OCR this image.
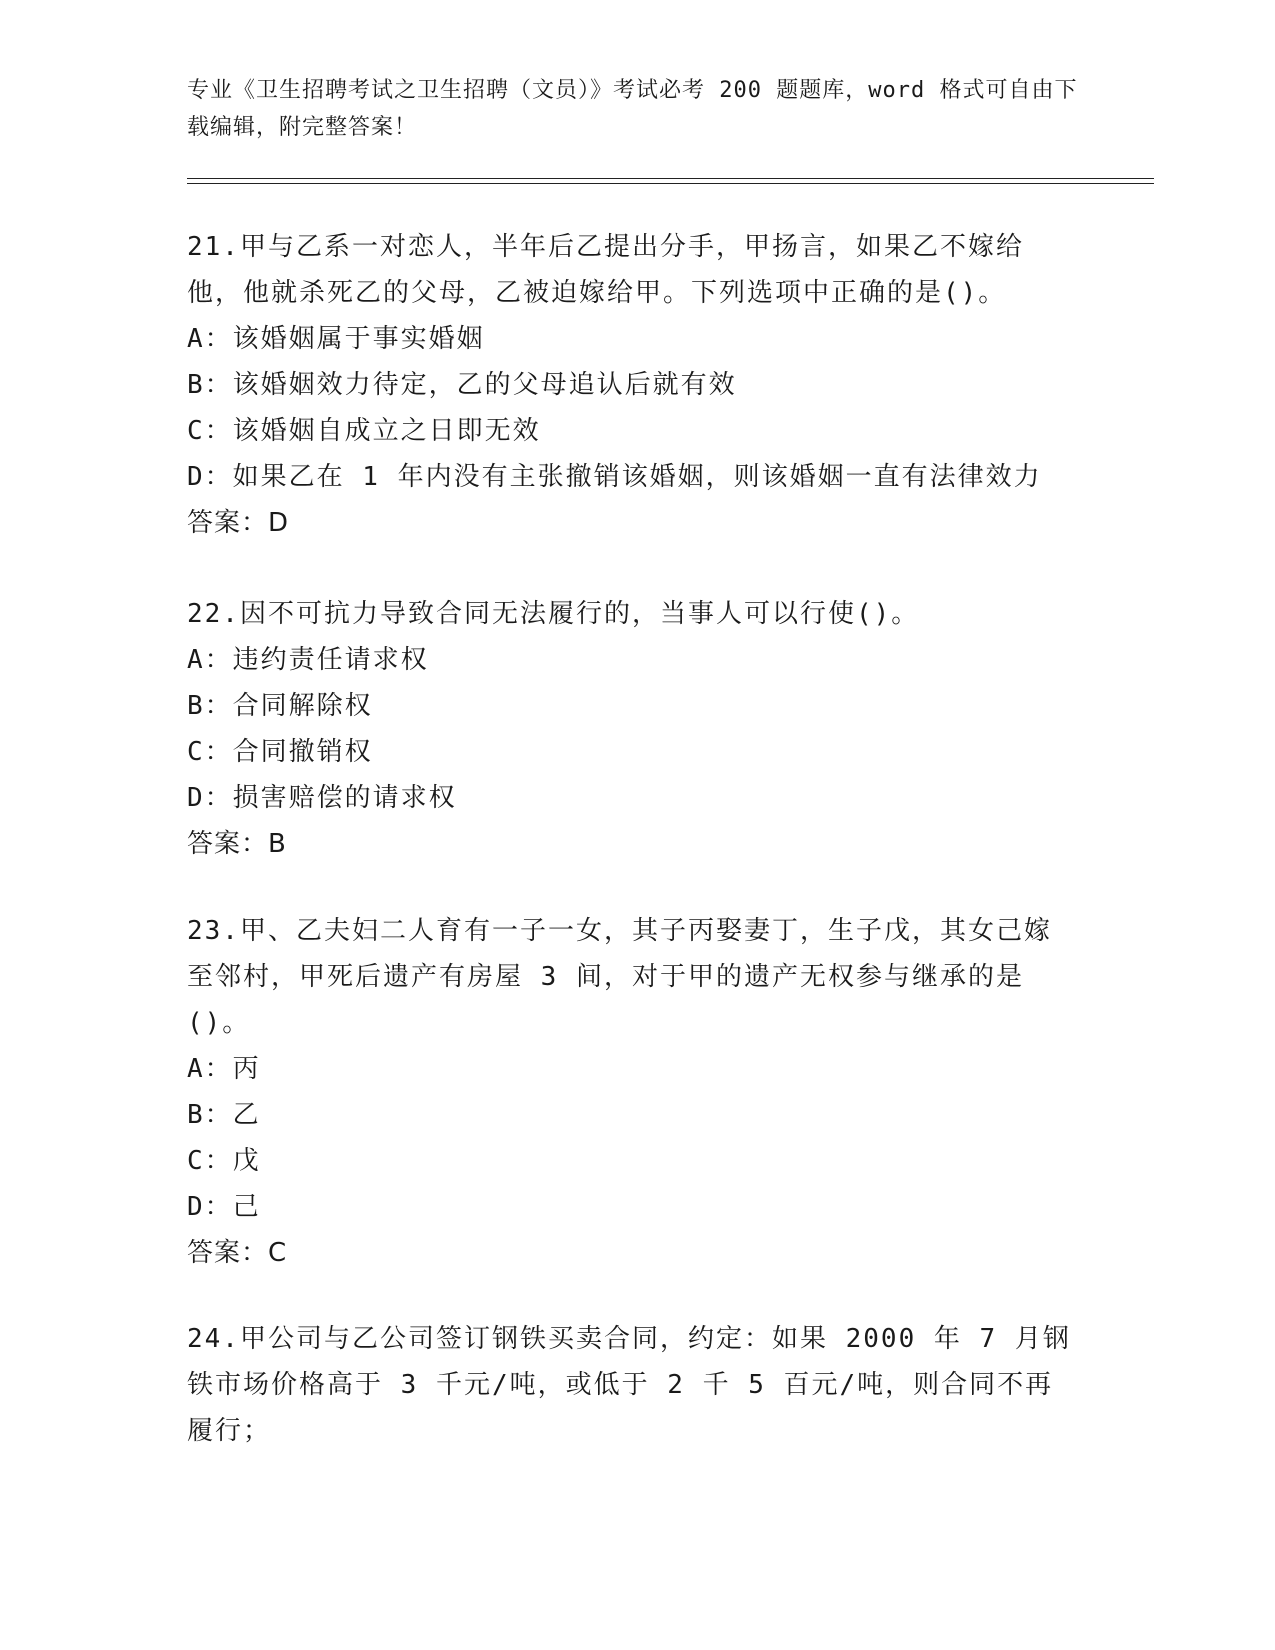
专业《卫生招聘考试之卫生招聘（文员）》考试必考 200 题题库，word 格式可自由下载编辑，附完整答案！
21.甲与乙系一对恋人，半年后乙提出分手，甲扬言，如果乙不嫁给他，他就杀死乙的父母，乙被迫嫁给甲。下列选项中正确的是()。
A：该婚姻属于事实婚姻
B：该婚姻效力待定，乙的父母追认后就有效
C：该婚姻自成立之日即无效
D：如果乙在 1 年内没有主张撤销该婚姻，则该婚姻一直有法律效力
答案：D
22.因不可抗力导致合同无法履行的，当事人可以行使()。
A：违约责任请求权
B：合同解除权
C：合同撤销权
D：损害赔偿的请求权
答案：B
23.甲、乙夫妇二人育有一子一女，其子丙娶妻丁，生子戊，其女己嫁至邻村，甲死后遗产有房屋 3 间，对于甲的遗产无权参与继承的是()。
A：丙
B：乙
C：戊
D：己
答案：C
24.甲公司与乙公司签订钢铁买卖合同，约定：如果 2000 年 7 月钢铁市场价格高于 3 千元/吨，或低于 2 千 5 百元/吨，则合同不再履行；
